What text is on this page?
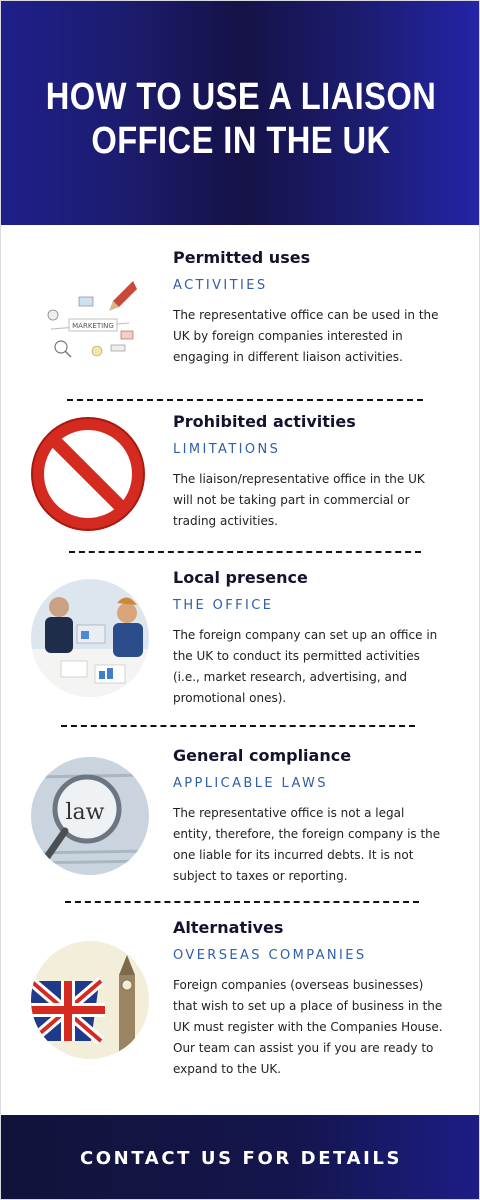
HOW TO USE A LIAISON OFFICE IN THE UK
MARKETING
Permitted uses
ACTIVITIES
The representative office can be used in the UK by foreign companies interested in engaging in different liaison activities.
Prohibited activities
LIMITATIONS
The liaison/representative office in the UK will not be taking part in commercial or trading activities.
Local presence
THE OFFICE
The foreign company can set up an office in the UK to conduct its permitted activities (i.e., market research, advertising, and promotional ones).
law
General compliance
APPLICABLE LAWS
The representative office is not a legal entity, therefore, the foreign company is the one liable for its incurred debts. It is not subject to taxes or reporting.
Alternatives
OVERSEAS COMPANIES
Foreign companies (overseas businesses) that wish to set up a place of business in the UK must register with the Companies House. Our team can assist you if you are ready to expand to the UK.
CONTACT US FOR DETAILS
